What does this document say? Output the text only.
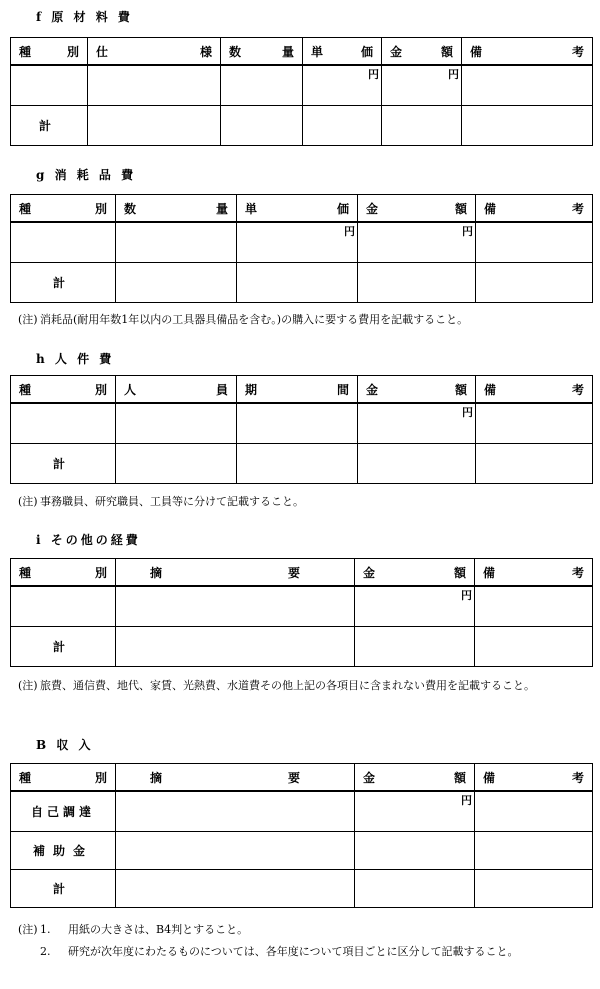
f 原 材 料 費
種 別	仕 様	数 量	単 価	金 額	備 考

			円	円	

計					
g 消 耗 品 費
種 別	数 量	単 価	金 額	備 考

		円	円	

計				
(注) 消耗品(耐用年数1年以内の工具器具備品を含む。)の購入に要する費用を記載すること。
h 人 件 費
種 別	人 員	期 間	金 額	備 考

			円	

計				
(注) 事務職員、研究職員、工員等に分けて記載すること。
i その他の経費
種 別	摘 要	金 額	備 考

		円	

計			
(注) 旅費、通信費、地代、家賃、光熱費、水道費その他上記の各項目に含まれない費用を記載すること。
B 収 入
種 別	摘 要	金 額	備 考

自己調達		円	

補助金			
計			
(注) 1.	用紙の大きさは、B4判とすること。
2.	研究が次年度にわたるものについては、各年度について項目ごとに区分して記載すること。
